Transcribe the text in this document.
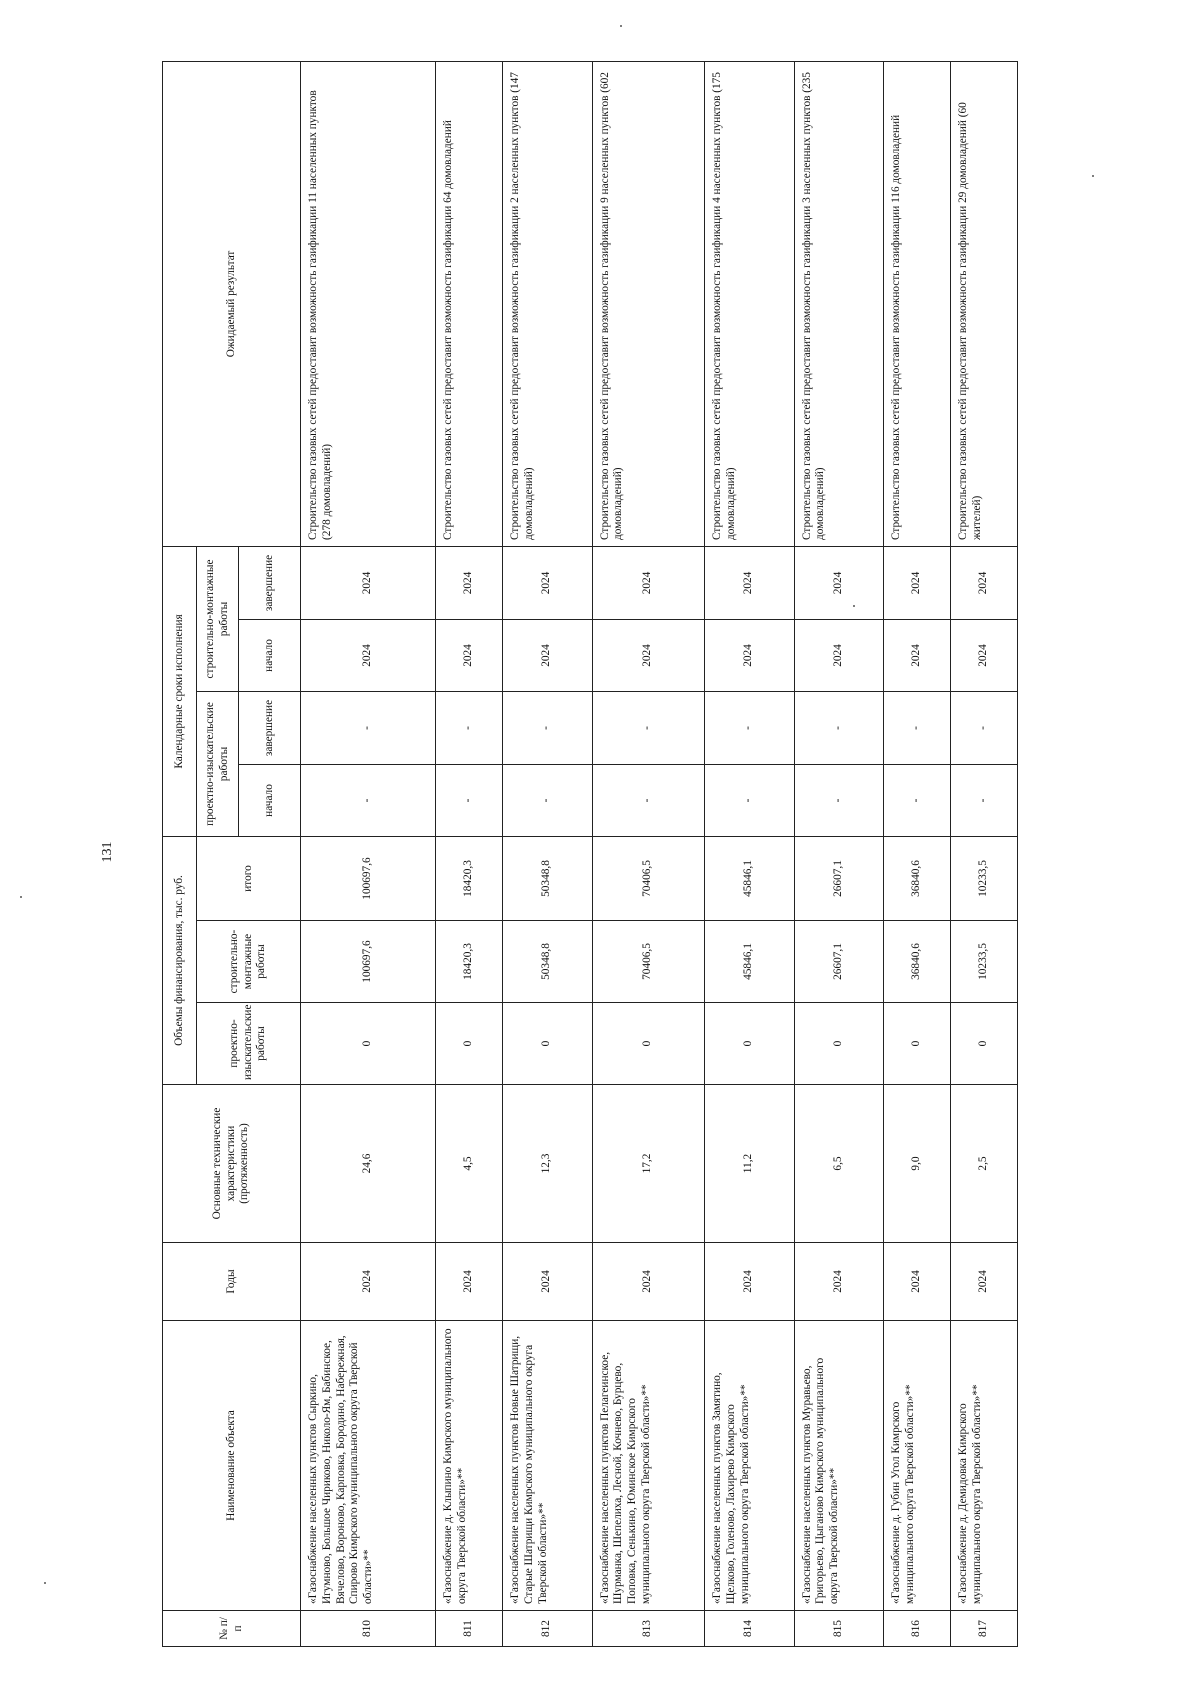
131
№ п/п	Наименование объекта	Годы	Основные технические характеристики (протяженность)	Объемы финансирования, тыс. руб.			Календарные сроки исполнения				Ожидаемый результат
				проектно-изыскательские работы	строительно-монтажные работы	итого	проектно-изыскательские работы		строительно-монтажные работы		
							начало	завершение	начало	завершение	
810	«Газоснабжение населенных пунктов Сыркино, Игумново, Большое Чириково, Николо-Ям, Бабинское, Вячелово, Вороново, Карповка, Бородино, Набережная, Спирово Кимрского муниципального округа Тверской области»**	2024	24,6	0	100697,6	100697,6	-	-	2024	2024	Строительство газовых сетей предоставит возможность газификации 11 населенных пунктов (278 домовладений)
811	«Газоснабжение д. Клыпино Кимрского муниципального округа Тверской области»**	2024	4,5	0	18420,3	18420,3	-	-	2024	2024	Строительство газовых сетей предоставит возможность газификации 64 домовладений
812	«Газоснабжение населенных пунктов Новые Шатрищи, Старые Шатрищи Кимрского муниципального округа Тверской области»**	2024	12,3	0	50348,8	50348,8	-	-	2024	2024	Строительство газовых сетей предоставит возможность газификации 2 населенных пунктов (147 домовладений)
813	«Газоснабжение населенных пунктов Пелагеинское, Шурманка, Шепелиха, Лесной, Кочнево, Бурцево, Поповка, Сенькино, Юминское Кимрского муниципального округа Тверской области»**	2024	17,2	0	70406,5	70406,5	-	-	2024	2024	Строительство газовых сетей предоставит возможность газификации 9 населенных пунктов (602 домовладений)
814	«Газоснабжение населенных пунктов Замятино, Щелково, Голеново, Лахирево Кимрского муниципального округа Тверской области»**	2024	11,2	0	45846,1	45846,1	-	-	2024	2024	Строительство газовых сетей предоставит возможность газификации 4 населенных пунктов (175 домовладений)
815	«Газоснабжение населенных пунктов Муравьево, Григорьево, Цыганово Кимрского муниципального округа Тверской области»**	2024	6,5	0	26607,1	26607,1	-	-	2024	2024	Строительство газовых сетей предоставит возможность газификации 3 населенных пунктов (235 домовладений)
816	«Газоснабжение д. Губин Угол Кимрского муниципального округа Тверской области»**	2024	9,0	0	36840,6	36840,6	-	-	2024	2024	Строительство газовых сетей предоставит возможность газификации 116 домовладений
817	«Газоснабжение д. Демидовка Кимрского муниципального округа Тверской области»**	2024	2,5	0	10233,5	10233,5	-	-	2024	2024	Строительство газовых сетей предоставит возможность газификации 29 домовладений (60 жителей)
